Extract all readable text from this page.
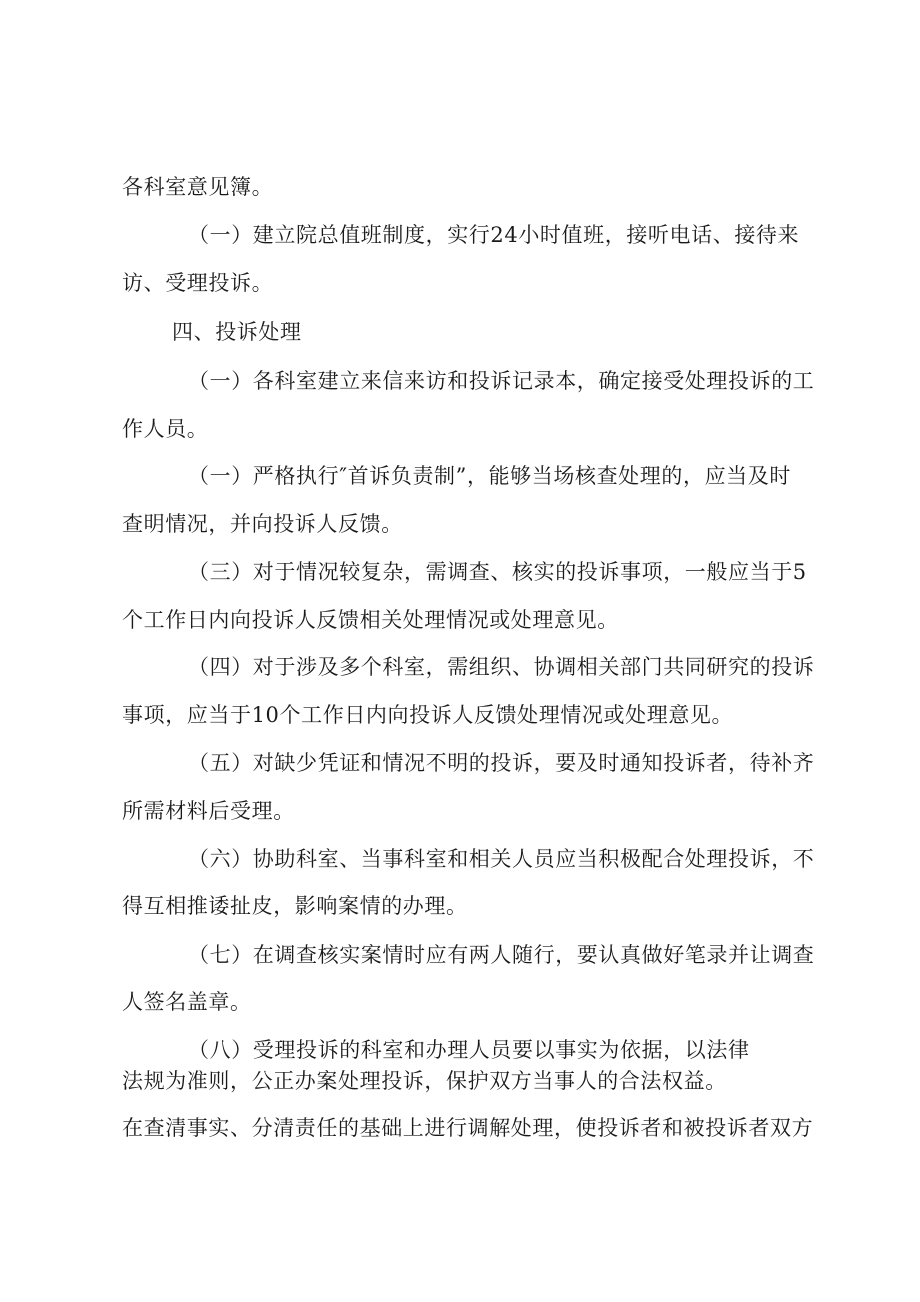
各科室意见簿。
（一）建立院总值班制度，实行24小时值班，接听电话、接待来
访、受理投诉。
四、投诉处理
（一）各科室建立来信来访和投诉记录本，确定接受处理投诉的工
作人员。
（一）严格执行″首诉负责制”，能够当场核查处理的，应当及时
查明情况，并向投诉人反馈。
（三）对于情况较复杂，需调查、核实的投诉事项，一般应当于5
个工作日内向投诉人反馈相关处理情况或处理意见。
（四）对于涉及多个科室，需组织、协调相关部门共同研究的投诉
事项，应当于10个工作日内向投诉人反馈处理情况或处理意见。
（五）对缺少凭证和情况不明的投诉，要及时通知投诉者，待补齐
所需材料后受理。
（六）协助科室、当事科室和相关人员应当积极配合处理投诉，不
得互相推诿扯皮，影响案情的办理。
（七）在调查核实案情时应有两人随行，要认真做好笔录并让调查
人签名盖章。
（八）受理投诉的科室和办理人员要以事实为依据，以法律
法规为准则，公正办案处理投诉，保护双方当事人的合法权益。
在查清事实、分清责任的基础上进行调解处理，使投诉者和被投诉者双方
